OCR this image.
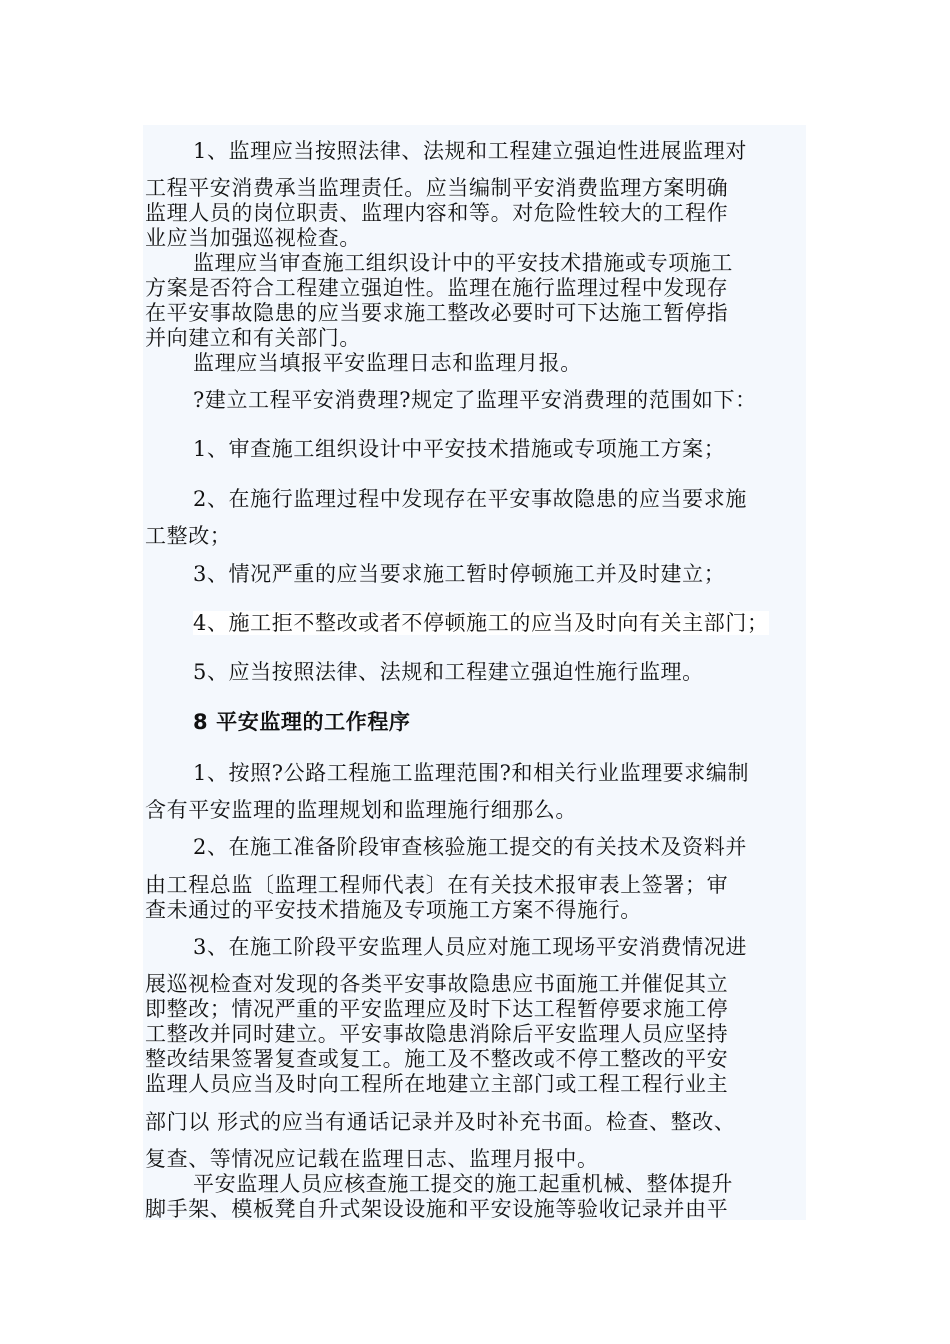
1、监理应当按照法律、法规和工程建立强迫性进展监理对
工程平安消费承当监理责任。应当编制平安消费监理方案明确
监理人员的岗位职责、监理内容和等。对危险性较大的工程作
业应当加强巡视检查。
监理应当审查施工组织设计中的平安技术措施或专项施工
方案是否符合工程建立强迫性。监理在施行监理过程中发现存
在平安事故隐患的应当要求施工整改必要时可下达施工暂停指
并向建立和有关部门。
监理应当填报平安监理日志和监理月报。
?建立工程平安消费理?规定了监理平安消费理的范围如下：
1、审查施工组织设计中平安技术措施或专项施工方案；
2、在施行监理过程中发现存在平安事故隐患的应当要求施
工整改；
3、情况严重的应当要求施工暂时停顿施工并及时建立；
4、施工拒不整改或者不停顿施工的应当及时向有关主部门；
5、应当按照法律、法规和工程建立强迫性施行监理。
8 平安监理的工作程序
1、按照?公路工程施工监理范围?和相关行业监理要求编制
含有平安监理的监理规划和监理施行细那么。
2、在施工准备阶段审查核验施工提交的有关技术及资料并
由工程总监〔监理工程师代表〕在有关技术报审表上签署；审
查未通过的平安技术措施及专项施工方案不得施行。
3、在施工阶段平安监理人员应对施工现场平安消费情况进
展巡视检查对发现的各类平安事故隐患应书面施工并催促其立
即整改；情况严重的平安监理应及时下达工程暂停要求施工停
工整改并同时建立。平安事故隐患消除后平安监理人员应坚持
整改结果签署复查或复工。施工及不整改或不停工整改的平安
监理人员应当及时向工程所在地建立主部门或工程工程行业主
部门以 形式的应当有通话记录并及时补充书面。检查、整改、
复查、等情况应记载在监理日志、监理月报中。
平安监理人员应核查施工提交的施工起重机械、整体提升
脚手架、模板凳自升式架设设施和平安设施等验收记录并由平
